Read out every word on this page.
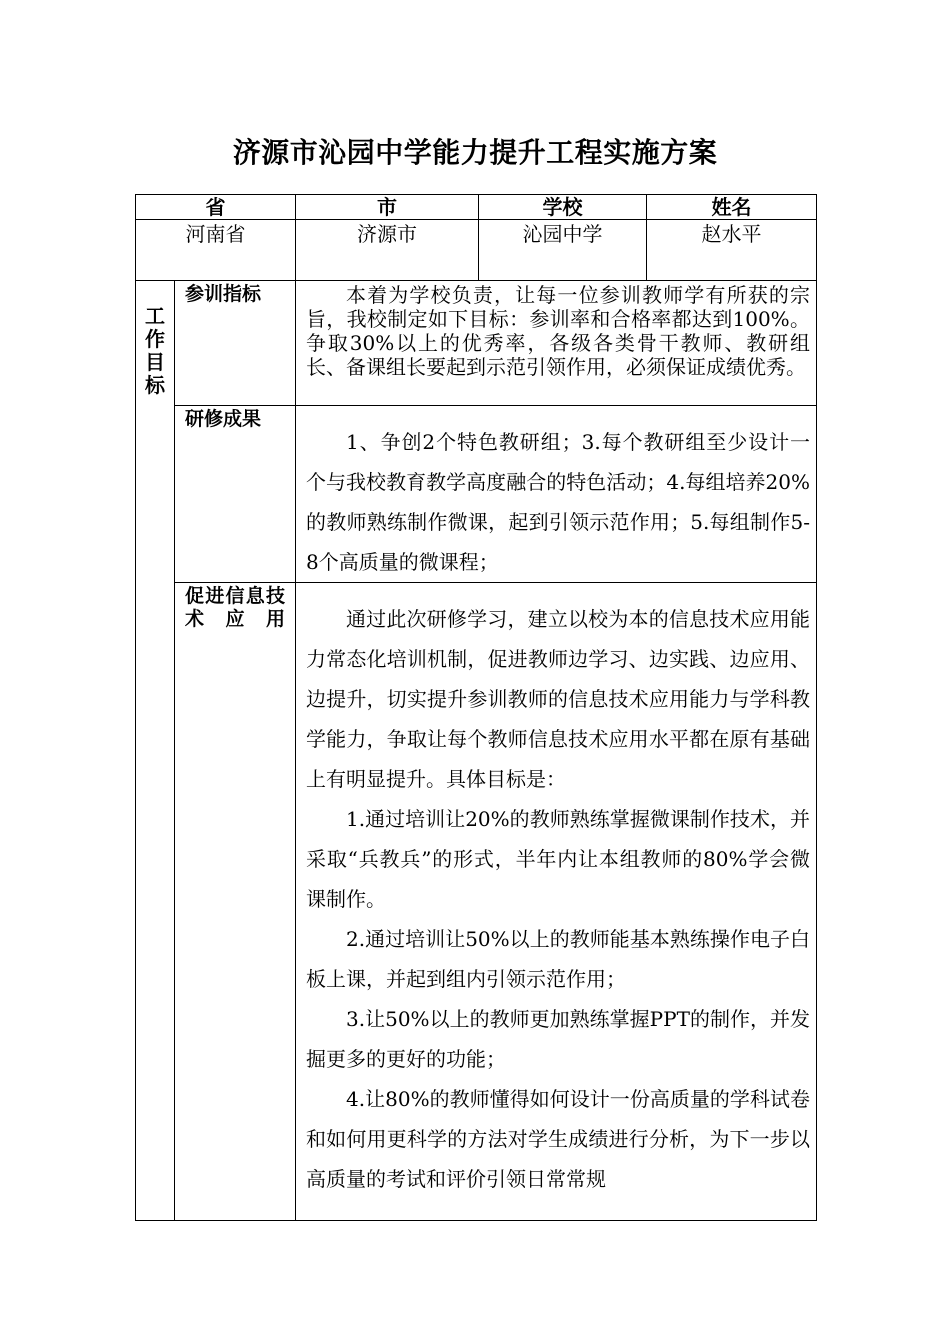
济源市沁园中学能力提升工程实施方案
省		市	学校	姓名
河南省		济源市	沁园中学	赵水平

工作目标	参训指标	本着为学校负责，让每一位参训教师学有所获的宗旨，我校制定如下目标：参训率和合格率都达到100%。争取30%以上的优秀率，各级各类骨干教师、教研组长、备课组长要起到示范引领作用，必须保证成绩优秀。		

	研修成果	1、争创2个特色教研组；3.每个教研组至少设计一个与我校教育教学高度融合的特色活动；4.每组培养20%的教师熟练制作微课，起到引领示范作用；5.每组制作5-8个高质量的微课程；		

	促进信息技术应用	通过此次研修学习，建立以校为本的信息技术应用能力常态化培训机制，促进教师边学习、边实践、边应用、边提升，切实提升参训教师的信息技术应用能力与学科教学能力，争取让每个教师信息技术应用水平都在原有基础上有明显提升。具体目标是：

1.通过培训让20%的教师熟练掌握微课制作技术，并采取“兵教兵”的形式，半年内让本组教师的80%学会微课制作。

2.通过培训让50%以上的教师能基本熟练操作电子白板上课，并起到组内引领示范作用；

3.让50%以上的教师更加熟练掌握PPT的制作，并发掘更多的更好的功能；

4.让80%的教师懂得如何设计一份高质量的学科试卷和如何用更科学的方法对学生成绩进行分析，为下一步以高质量的考试和评价引领日常常规		
